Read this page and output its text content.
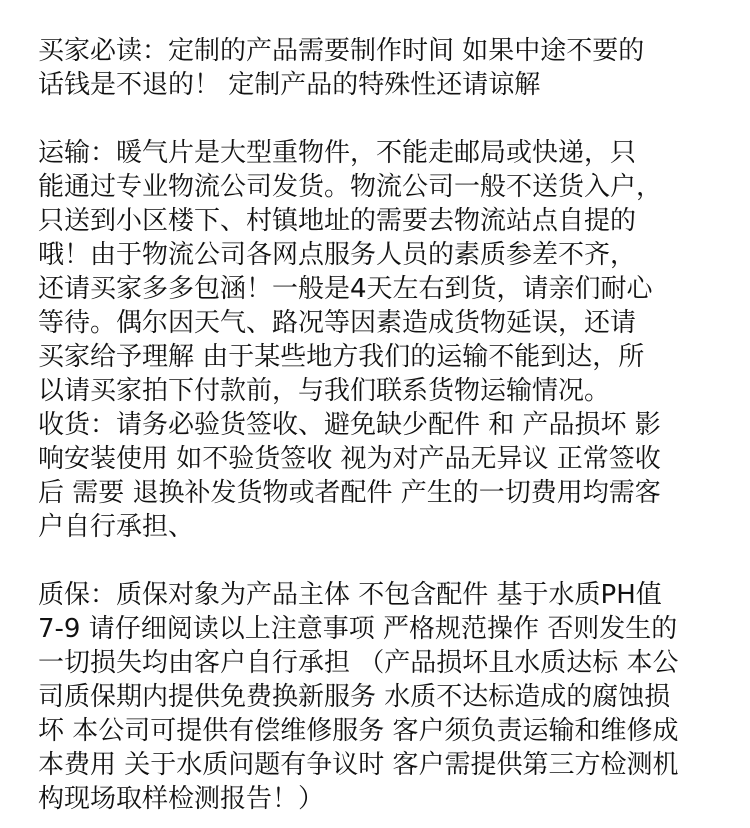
买家必读：定制的产品需要制作时间 如果中途不要的
话钱是不退的！ 定制产品的特殊性还请谅解
运输：暖气片是大型重物件，不能走邮局或快递，只
能通过专业物流公司发货。物流公司一般不送货入户，
只送到小区楼下、村镇地址的需要去物流站点自提的
哦！由于物流公司各网点服务人员的素质参差不齐，
还请买家多多包涵！一般是4天左右到货，请亲们耐心
等待。偶尔因天气、路况等因素造成货物延误，还请
买家给予理解 由于某些地方我们的运输不能到达，所
以请买家拍下付款前，与我们联系货物运输情况。
收货：请务必验货签收、避免缺少配件 和 产品损坏 影
响安装使用 如不验货签收 视为对产品无异议 正常签收
后 需要 退换补发货物或者配件 产生的一切费用均需客
户自行承担、
质保：质保对象为产品主体 不包含配件 基于水质PH值
7-9 请仔细阅读以上注意事项 严格规范操作 否则发生的
一切损失均由客户自行承担 （产品损坏且水质达标 本公
司质保期内提供免费换新服务 水质不达标造成的腐蚀损
坏 本公司可提供有偿维修服务 客户须负责运输和维修成
本费用 关于水质问题有争议时 客户需提供第三方检测机
构现场取样检测报告！）
